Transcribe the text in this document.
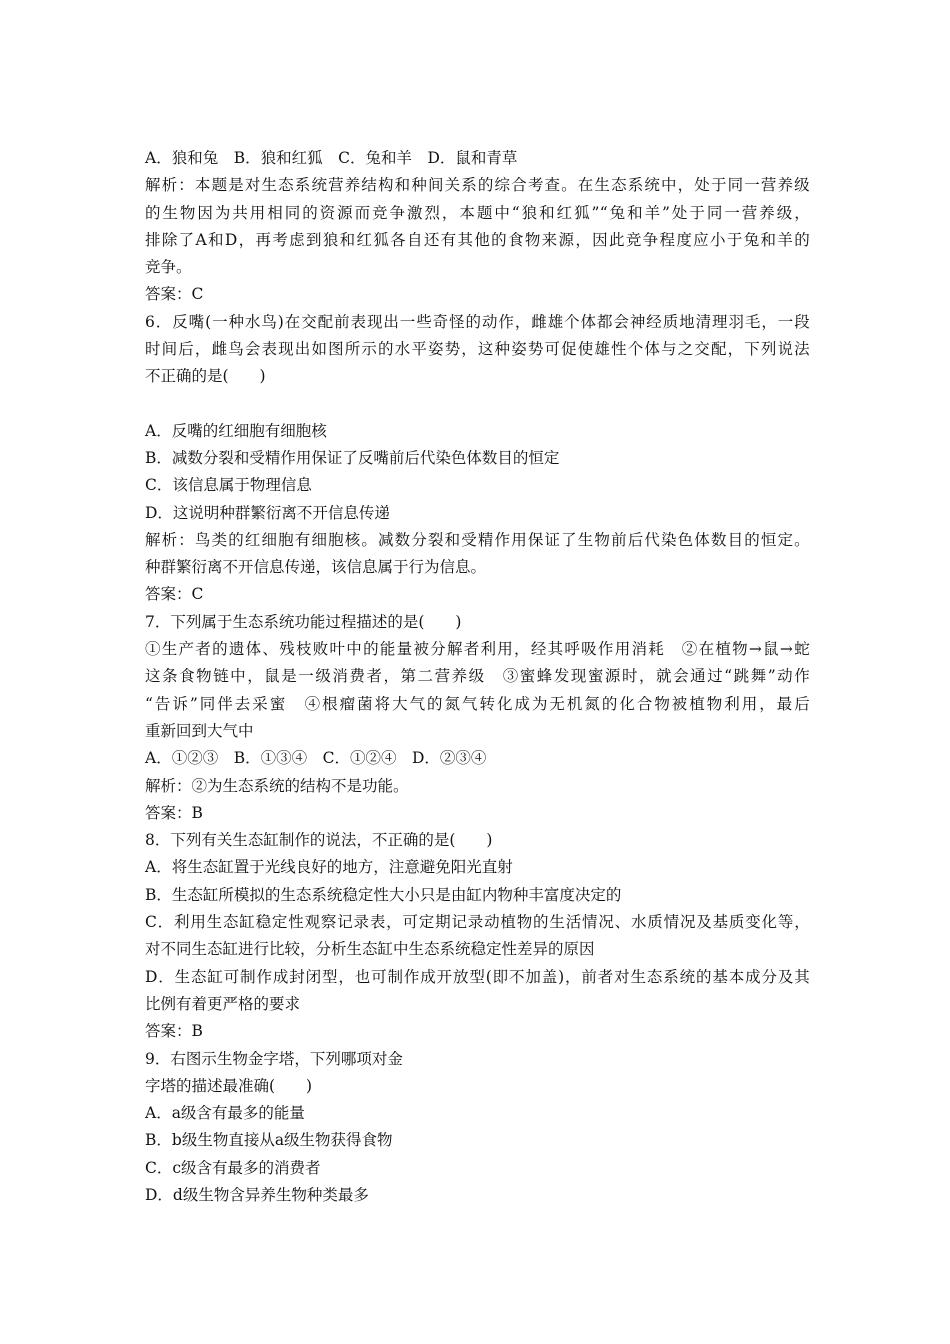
A．狼和兔　B．狼和红狐　C．兔和羊　D．鼠和青草
解析：本题是对生态系统营养结构和种间关系的综合考查。在生态系统中，处于同一营养级
的生物因为共用相同的资源而竞争激烈，本题中“狼和红狐”“兔和羊”处于同一营养级，
排除了A和D，再考虑到狼和红狐各自还有其他的食物来源，因此竞争程度应小于兔和羊的
竞争。
答案：C
6．反嘴(一种水鸟)在交配前表现出一些奇怪的动作，雌雄个体都会神经质地清理羽毛，一段
时间后，雌鸟会表现出如图所示的水平姿势，这种姿势可促使雄性个体与之交配，下列说法
不正确的是(　　)
A．反嘴的红细胞有细胞核
B．减数分裂和受精作用保证了反嘴前后代染色体数目的恒定
C．该信息属于物理信息
D．这说明种群繁衍离不开信息传递
解析：鸟类的红细胞有细胞核。减数分裂和受精作用保证了生物前后代染色体数目的恒定。
种群繁衍离不开信息传递，该信息属于行为信息。
答案：C
7．下列属于生态系统功能过程描述的是(　　)
①生产者的遗体、残枝败叶中的能量被分解者利用，经其呼吸作用消耗　②在植物→鼠→蛇
这条食物链中，鼠是一级消费者，第二营养级　③蜜蜂发现蜜源时，就会通过“跳舞”动作
“告诉”同伴去采蜜　④根瘤菌将大气的氮气转化成为无机氮的化合物被植物利用，最后
重新回到大气中
A．①②③　B．①③④　C．①②④　D．②③④
解析：②为生态系统的结构不是功能。
答案：B
8．下列有关生态缸制作的说法，不正确的是(　　)
A．将生态缸置于光线良好的地方，注意避免阳光直射
B．生态缸所模拟的生态系统稳定性大小只是由缸内物种丰富度决定的
C．利用生态缸稳定性观察记录表，可定期记录动植物的生活情况、水质情况及基质变化等，
对不同生态缸进行比较，分析生态缸中生态系统稳定性差异的原因
D．生态缸可制作成封闭型，也可制作成开放型(即不加盖)，前者对生态系统的基本成分及其
比例有着更严格的要求
答案：B
9．右图示生物金字塔，下列哪项对金
字塔的描述最准确(　　)
A．a级含有最多的能量
B．b级生物直接从a级生物获得食物
C．c级含有最多的消费者
D．d级生物含异养生物种类最多
